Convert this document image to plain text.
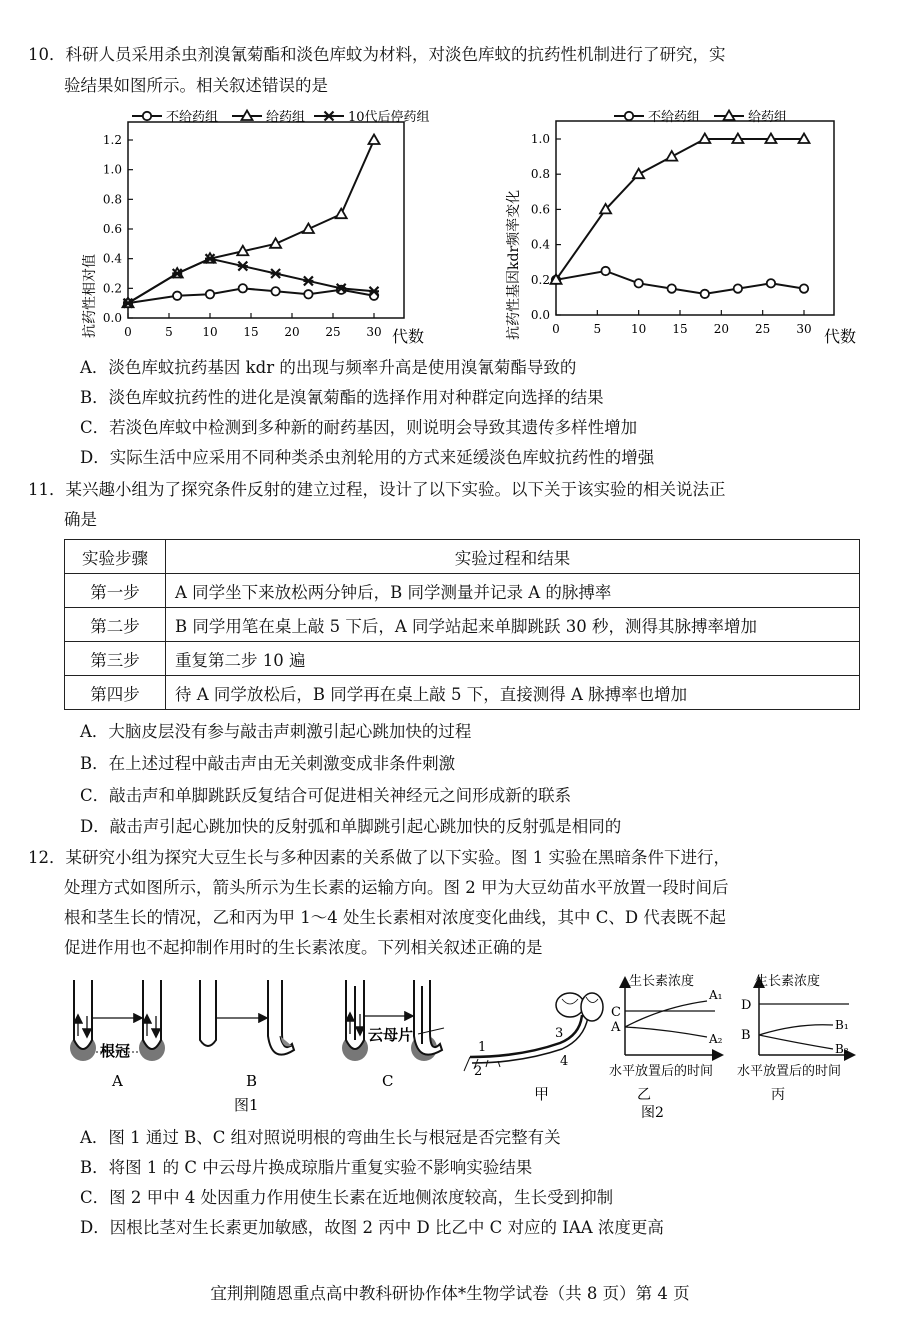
10．科研人员采用杀虫剂溴氰菊酯和淡色库蚊为材料，对淡色库蚊的抗药性机制进行了研究，实
验结果如图所示。相关叙述错误的是
不给药组	给药组	10代后停药组
抗药性相对值 0.0
0.2
0.4
0.6
0.8
1.0
1.2
0	5 10 15 20 25 30 代数
不给药组	给药组
抗药性基因kdr频率变化 0.0
0.2
0.4
0.6
0.8
1.0
0	5 10 15 20 25 30 代数
A．淡色库蚊抗药基因 kdr 的出现与频率升高是使用溴氰菊酯导致的
B．淡色库蚊抗药性的进化是溴氰菊酯的选择作用对种群定向选择的结果
C．若淡色库蚊中检测到多种新的耐药基因，则说明会导致其遗传多样性增加
D．实际生活中应采用不同种类杀虫剂轮用的方式来延缓淡色库蚊抗药性的增强
11．某兴趣小组为了探究条件反射的建立过程，设计了以下实验。以下关于该实验的相关说法正
确是
实验步骤	实验过程和结果
第一步	A 同学坐下来放松两分钟后，B 同学测量并记录 A 的脉搏率
第二步	B 同学用笔在桌上敲 5 下后，A 同学站起来单脚跳跃 30 秒，测得其脉搏率增加
第三步	重复第二步 10 遍
第四步	待 A 同学放松后，B 同学再在桌上敲 5 下，直接测得 A 脉搏率也增加
A．大脑皮层没有参与敲击声刺激引起心跳加快的过程
B．在上述过程中敲击声由无关刺激变成非条件刺激
C．敲击声和单脚跳跃反复结合可促进相关神经元之间形成新的联系
D．敲击声引起心跳加快的反射弧和单脚跳引起心跳加快的反射弧是相同的
12．某研究小组为探究大豆生长与多种因素的关系做了以下实验。图 1 实验在黑暗条件下进行，
处理方式如图所示，箭头所示为生长素的运输方向。图 2 甲为大豆幼苗水平放置一段时间后
根和茎生长的情况，乙和丙为甲 1～4 处生长素相对浓度变化曲线，其中 C、D 代表既不起
促进作用也不起抑制作用时的生长素浓度。下列相关叙述正确的是
根冠
A	B
图1
云母片
C
1
2
3
4
甲
生长素浓度
C
A
A₁
A₂
水平放置后的时间
乙
图2
生长素浓度
D
B
B₁
B₂
水平放置后的时间
丙
A．图 1 通过 B、C 组对照说明根的弯曲生长与根冠是否完整有关
B．将图 1 的 C 中云母片换成琼脂片重复实验不影响实验结果
C．图 2 甲中 4 处因重力作用使生长素在近地侧浓度较高，生长受到抑制
D．因根比茎对生长素更加敏感，故图 2 丙中 D 比乙中 C 对应的 IAA 浓度更高
宜荆荆随恩重点高中教科研协作体*生物学试卷（共 8 页）第 4 页
